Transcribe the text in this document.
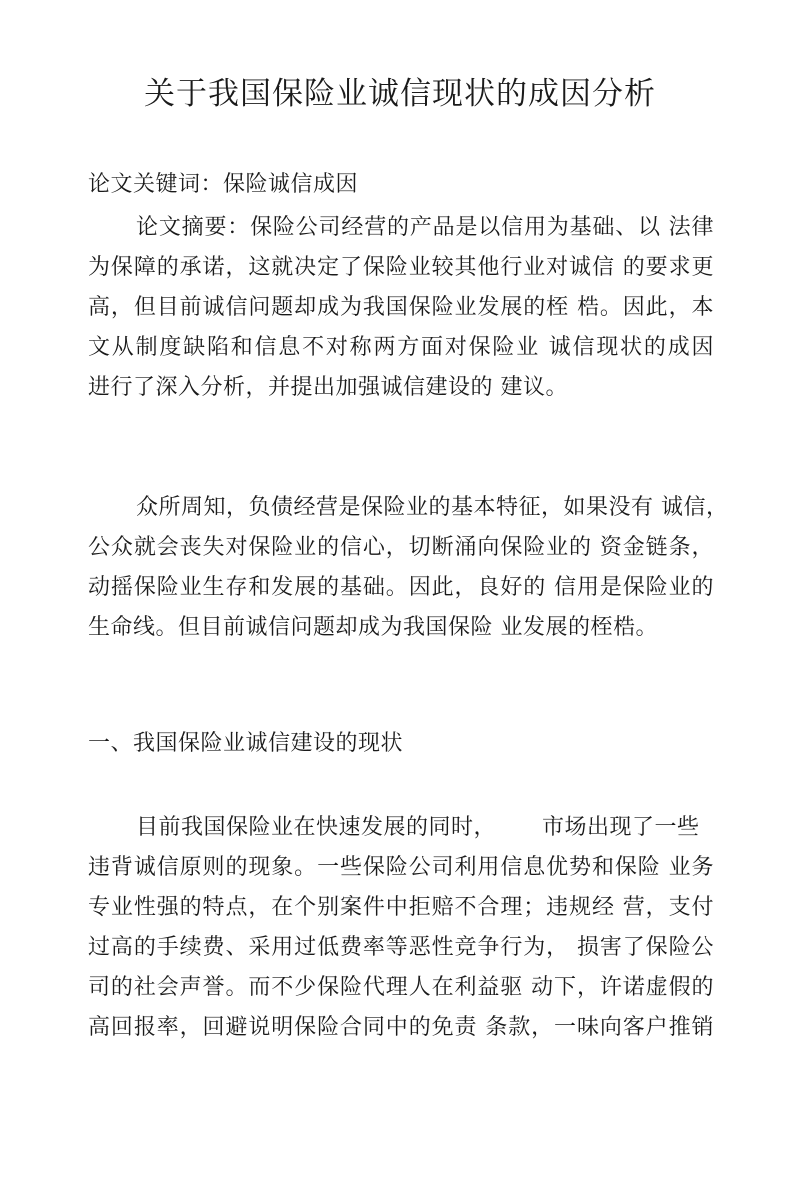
关于我国保险业诚信现状的成因分析

论文关键词：保险诚信成因

论文摘要：保险公司经营的产品是以信用为基础、以 法律
为保障的承诺，这就决定了保险业较其他行业对诚信 的要求更
高，但目前诚信问题却成为我国保险业发展的桎 梏。因此，本
文从制度缺陷和信息不对称两方面对保险业 诚信现状的成因
进行了深入分析，并提出加强诚信建设的 建议。

众所周知，负债经营是保险业的基本特征，如果没有 诚信，
公众就会丧失对保险业的信心，切断涌向保险业的 资金链条，
动摇保险业生存和发展的基础。因此，良好的 信用是保险业的
生命线。但目前诚信问题却成为我国保险 业发展的桎梏。

一、我国保险业诚信建设的现状

目前我国保险业在快速发展的同时， 市场出现了一些
违背诚信原则的现象。一些保险公司利用信息优势和保险 业务
专业性强的特点，在个别案件中拒赔不合理；违规经 营，支付
过高的手续费、采用过低费率等恶性竞争行为， 损害了保险公
司的社会声誉。而不少保险代理人在利益驱 动下，许诺虚假的
高回报率，回避说明保险合同中的免责 条款，一味向客户推销
